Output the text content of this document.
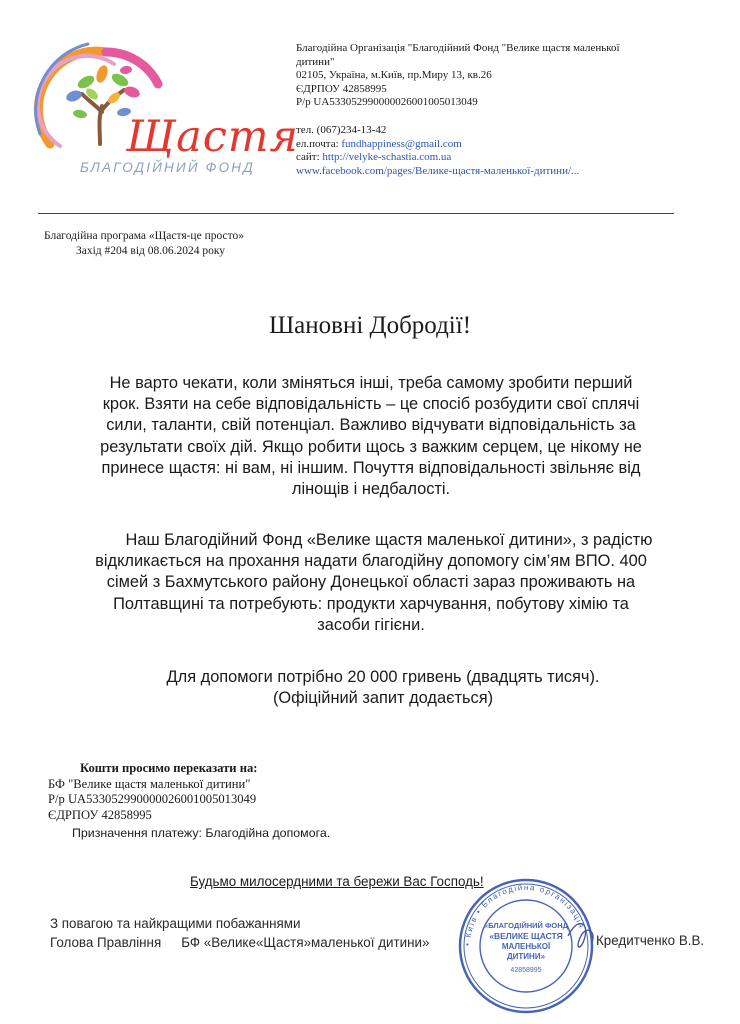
Щастя
БЛАГОДІЙНИЙ ФОНД
Благодійна Організація "Благодійний Фонд "Велике щастя маленької
дитини"
02105, Україна, м.Київ, пр.Миру 13, кв.26
ЄДРПОУ 42858995
Р/р UA533052990000026001005013049
тел. (067)234-13-42
ел.почта: fundhappiness@gmail.com
сайт: http://velyke-schastia.com.ua
www.facebook.com/pages/Велике-щастя-маленької-дитини/...
Благодійна програма «Щастя-це просто»
Захід #204 від 08.06.2024 року
Шановні Добродії!
Не варто чекати, коли зміняться інші, треба самому зробити перший
крок. Взяти на себе відповідальність – це спосіб розбудити свої сплячі
сили, таланти, свій потенціал. Важливо відчувати відповідальність за
результати своїх дій. Якщо робити щось з важким серцем, це нікому не
принесе щастя: ні вам, ні іншим. Почуття відповідальності звільняє від
лінощів і недбалості.
Наш Благодійний Фонд «Велике щастя маленької дитини», з радістю
відкликається на прохання надати благодійну допомогу сім’ям ВПО. 400
сімей з Бахмутського району Донецької області зараз проживають на
Полтавщині та потребують: продукти харчування, побутову хімію та
засоби гігієни.
Для допомоги потрібно 20 000 гривень (двадцять тисяч).
(Офіційний запит додається)
Кошти просимо переказати на:
БФ "Велике щастя маленької дитини"
Р/р UA533052990000026001005013049
ЄДРПОУ 42858995
Призначення платежу: Благодійна допомога.
Будьмо милосердними та бережи Вас Господь!
З повагою та найкращими побажаннями
Голова Правління БФ «Велике«Щастя»маленької дитини»	Кредитченко В.В.
• Київ • Благодійна організація
«БЛАГОДІЙНИЙ ФОНД
«ВЕЛИКЕ ЩАСТЯ
МАЛЕНЬКОЇ
ДИТИНИ»
42858995
